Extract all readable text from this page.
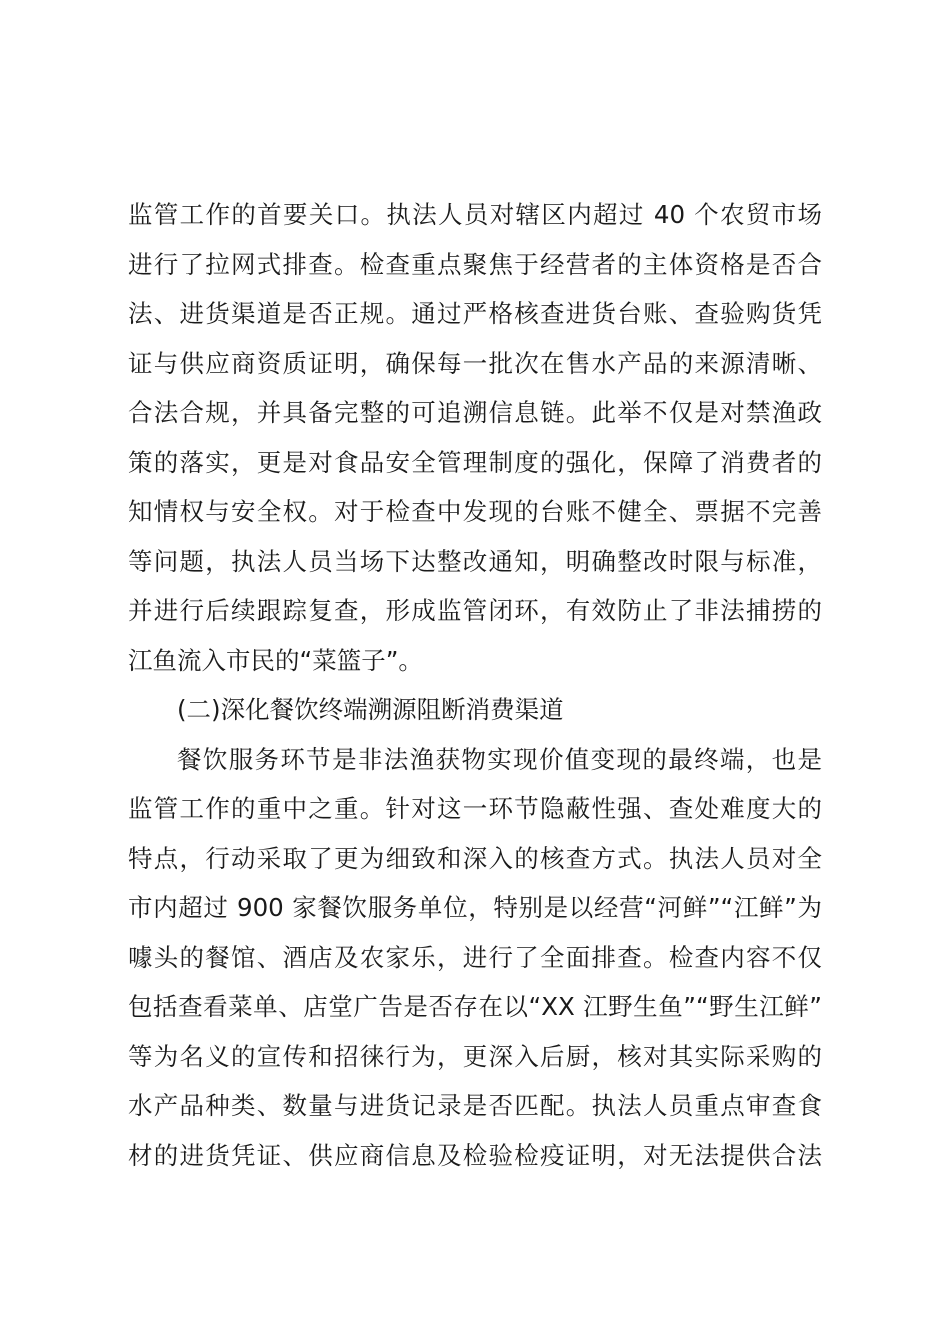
监管工作的首要关口。执法人员对辖区内超过 40 个农贸市场
进行了拉网式排查。检查重点聚焦于经营者的主体资格是否合
法、进货渠道是否正规。通过严格核查进货台账、查验购货凭
证与供应商资质证明，确保每一批次在售水产品的来源清晰、
合法合规，并具备完整的可追溯信息链。此举不仅是对禁渔政
策的落实，更是对食品安全管理制度的强化，保障了消费者的
知情权与安全权。对于检查中发现的台账不健全、票据不完善
等问题，执法人员当场下达整改通知，明确整改时限与标准，
并进行后续跟踪复查，形成监管闭环，有效防止了非法捕捞的
江鱼流入市民的“菜篮子”。
(二)深化餐饮终端溯源阻断消费渠道
餐饮服务环节是非法渔获物实现价值变现的最终端，也是
监管工作的重中之重。针对这一环节隐蔽性强、查处难度大的
特点，行动采取了更为细致和深入的核查方式。执法人员对全
市内超过 900 家餐饮服务单位，特别是以经营“河鲜”“江鲜”为
噱头的餐馆、酒店及农家乐，进行了全面排查。检查内容不仅
包括查看菜单、店堂广告是否存在以“XX 江野生鱼”“野生江鲜”
等为名义的宣传和招徕行为，更深入后厨，核对其实际采购的
水产品种类、数量与进货记录是否匹配。执法人员重点审查食
材的进货凭证、供应商信息及检验检疫证明，对无法提供合法
